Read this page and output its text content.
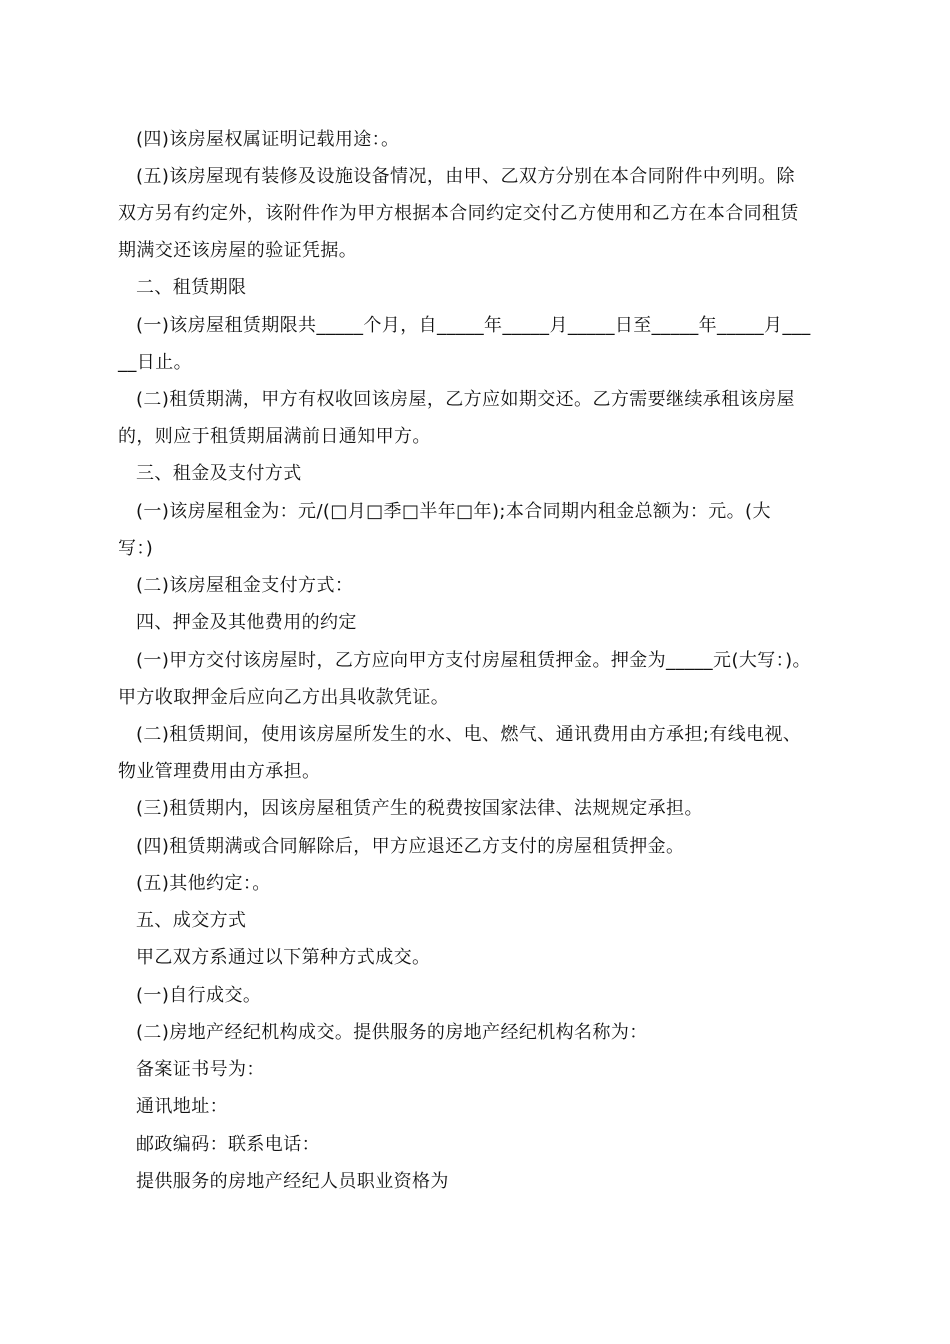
(四)该房屋权属证明记载用途：。
(五)该房屋现有装修及设施设备情况，由甲、乙双方分别在本合同附件中列明。除
双方另有约定外，该附件作为甲方根据本合同约定交付乙方使用和乙方在本合同租赁
期满交还该房屋的验证凭据。
二、租赁期限
(一)该房屋租赁期限共_____个月，自_____年_____月_____日至_____年_____月___
__日止。
(二)租赁期满，甲方有权收回该房屋，乙方应如期交还。乙方需要继续承租该房屋
的，则应于租赁期届满前日通知甲方。
三、租金及支付方式
(一)该房屋租金为：元/(□月□季□半年□年);本合同期内租金总额为：元。(大
写：)
(二)该房屋租金支付方式：
四、押金及其他费用的约定
(一)甲方交付该房屋时，乙方应向甲方支付房屋租赁押金。押金为_____元(大写：)。
甲方收取押金后应向乙方出具收款凭证。
(二)租赁期间，使用该房屋所发生的水、电、燃气、通讯费用由方承担;有线电视、
物业管理费用由方承担。
(三)租赁期内，因该房屋租赁产生的税费按国家法律、法规规定承担。
(四)租赁期满或合同解除后，甲方应退还乙方支付的房屋租赁押金。
(五)其他约定：。
五、成交方式
甲乙双方系通过以下第种方式成交。
(一)自行成交。
(二)房地产经纪机构成交。提供服务的房地产经纪机构名称为：
备案证书号为：
通讯地址：
邮政编码：联系电话：
提供服务的房地产经纪人员职业资格为
